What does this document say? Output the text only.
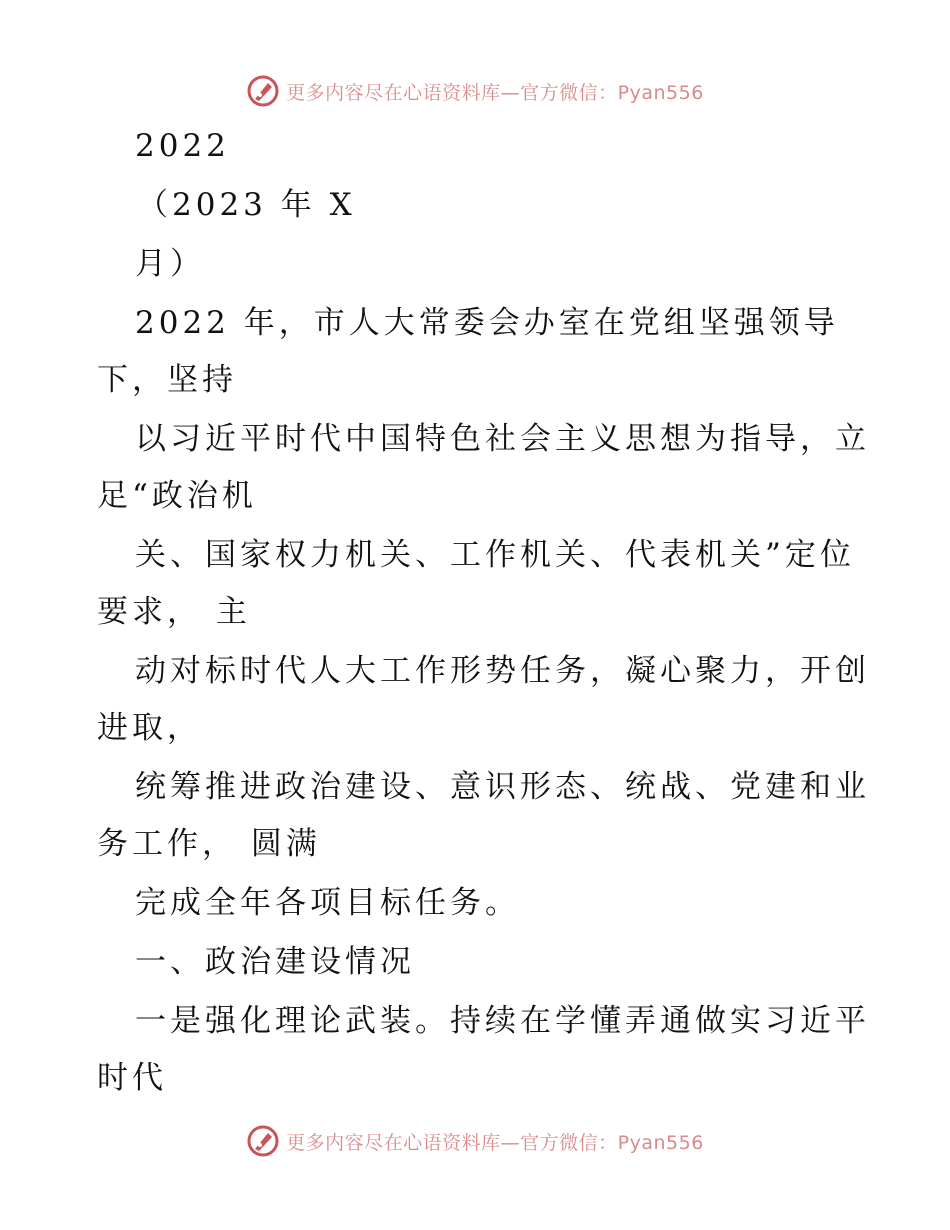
更多内容尽在心语资料库—官方微信：Pyan556
2022
（2023 年 X
月）
2022 年，市人大常委会办室在党组坚强领导
下，坚持
以习近平时代中国特色社会主义思想为指导，立
足“政治机
关、国家权力机关、工作机关、代表机关”定位
要求， 主
动对标时代人大工作形势任务，凝心聚力，开创
进取，
统筹推进政治建设、意识形态、统战、党建和业
务工作， 圆满
完成全年各项目标任务。
一、政治建设情况
一是强化理论武装。持续在学懂弄通做实习近平
时代
更多内容尽在心语资料库—官方微信：Pyan556
